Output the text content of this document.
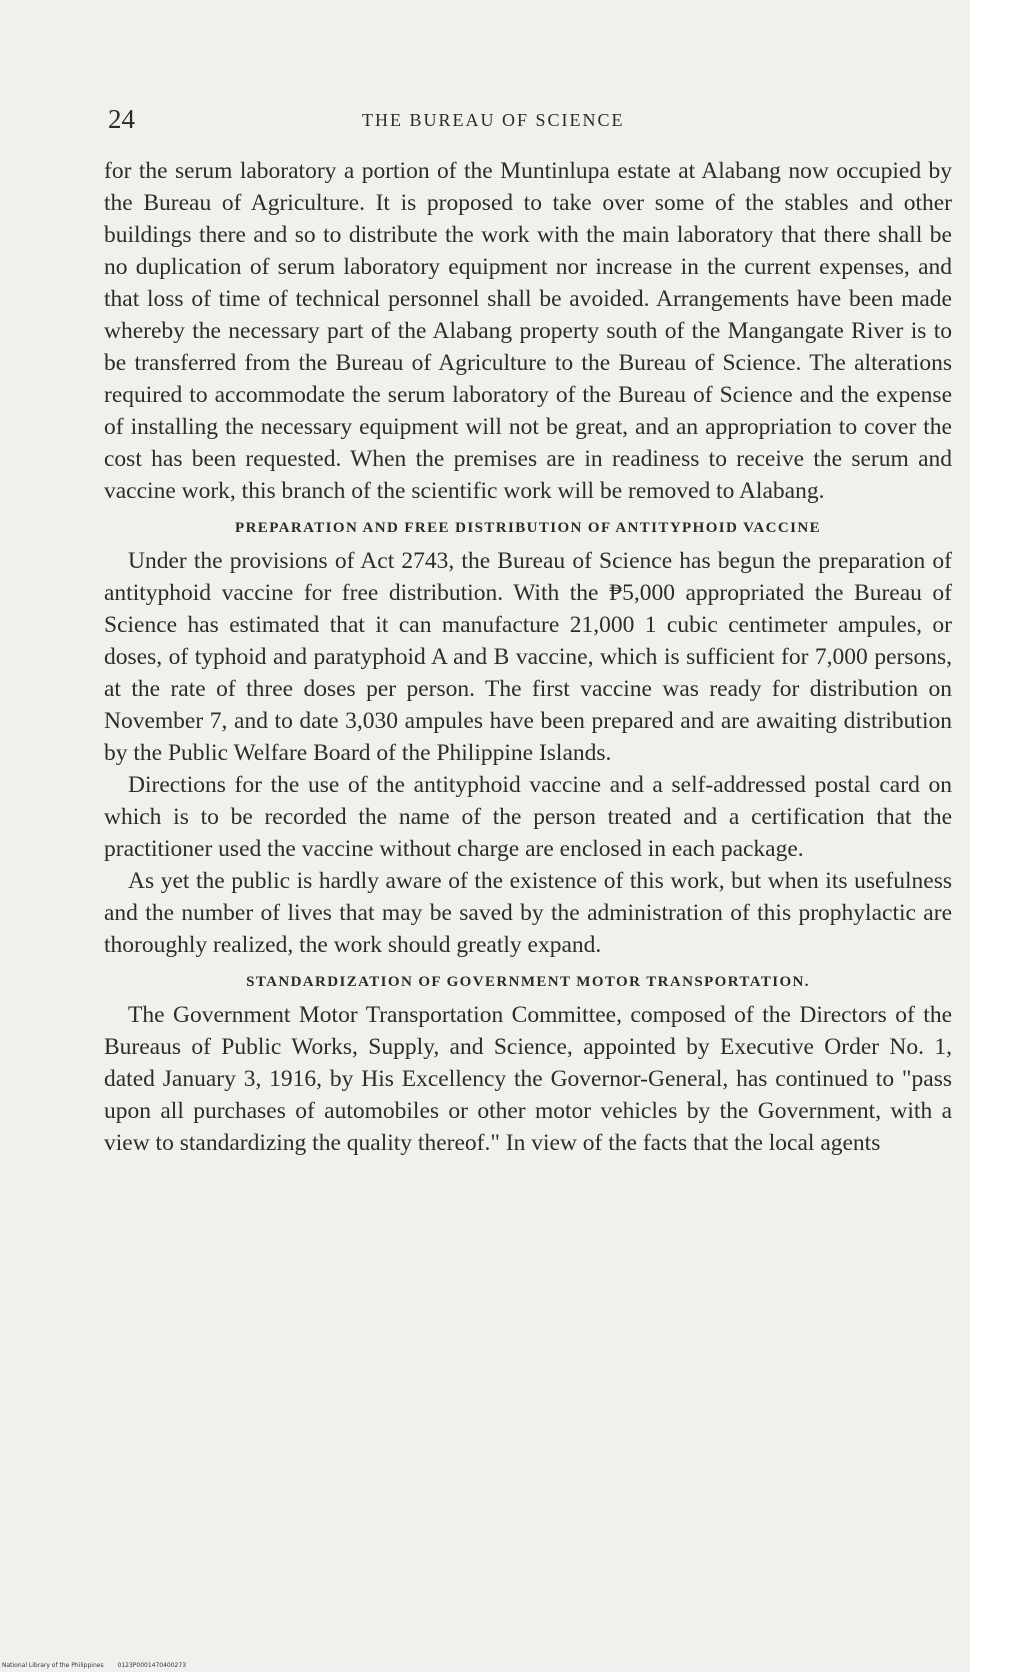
24	THE BUREAU OF SCIENCE

for the serum laboratory a portion of the Muntinlupa estate at Alabang now occupied by the Bureau of Agriculture. It is proposed to take over some of the stables and other buildings there and so to distribute the work with the main laboratory that there shall be no duplication of serum laboratory equipment nor increase in the current expenses, and that loss of time of technical personnel shall be avoided. Arrangements have been made whereby the necessary part of the Alabang property south of the Mangangate River is to be transferred from the Bureau of Agriculture to the Bureau of Science. The alterations required to accommodate the serum laboratory of the Bureau of Science and the expense of installing the necessary equipment will not be great, and an appropriation to cover the cost has been requested. When the premises are in readiness to receive the serum and vaccine work, this branch of the scientific work will be removed to Alabang.

PREPARATION AND FREE DISTRIBUTION OF ANTITYPHOID VACCINE

Under the provisions of Act 2743, the Bureau of Science has begun the preparation of antityphoid vaccine for free distribution. With the ₱5,000 appropriated the Bureau of Science has estimated that it can manufacture 21,000 1 cubic centimeter ampules, or doses, of typhoid and paratyphoid A and B vaccine, which is sufficient for 7,000 persons, at the rate of three doses per person. The first vaccine was ready for distribution on November 7, and to date 3,030 ampules have been prepared and are awaiting distribution by the Public Welfare Board of the Philippine Islands.

Directions for the use of the antityphoid vaccine and a self-addressed postal card on which is to be recorded the name of the person treated and a certification that the practitioner used the vaccine without charge are enclosed in each package.

As yet the public is hardly aware of the existence of this work, but when its usefulness and the number of lives that may be saved by the administration of this prophylactic are thoroughly realized, the work should greatly expand.

STANDARDIZATION OF GOVERNMENT MOTOR TRANSPORTATION.

The Government Motor Transportation Committee, composed of the Directors of the Bureaus of Public Works, Supply, and Science, appointed by Executive Order No. 1, dated January 3, 1916, by His Excellency the Governor-General, has continued to "pass upon all purchases of automobiles or other motor vehicles by the Government, with a view to standardizing the quality thereof." In view of the facts that the local agents

National Library of the Philippines 0123P0001470400273
